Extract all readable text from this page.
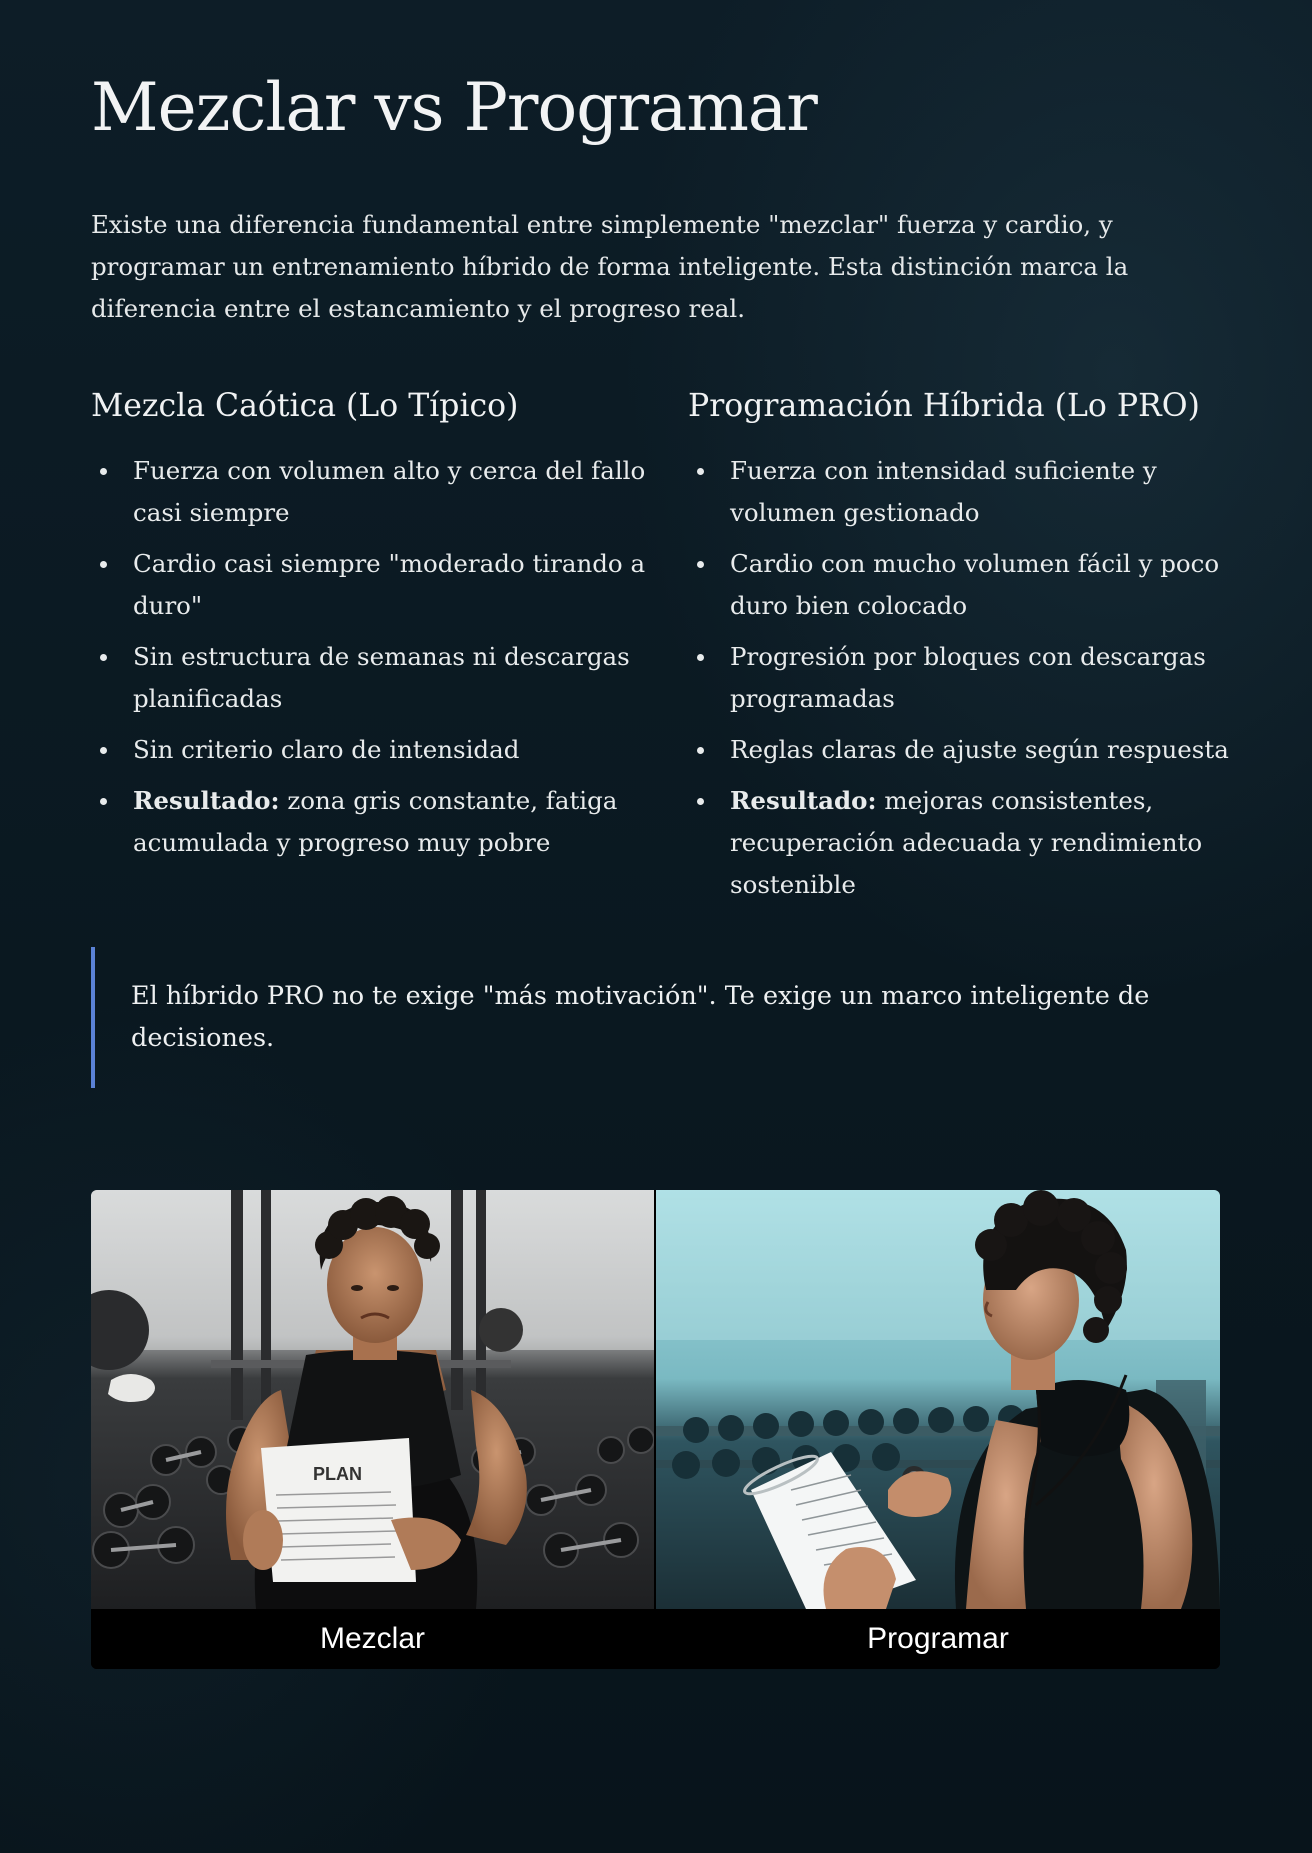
Mezclar vs Programar

Existe una diferencia fundamental entre simplemente "mezclar" fuerza y cardio, y programar un entrenamiento híbrido de forma inteligente. Esta distinción marca la diferencia entre el estancamiento y el progreso real.

Mezcla Caótica (Lo Típico)
Fuerza con volumen alto y cerca del fallo casi siempre
Cardio casi siempre "moderado tirando a duro"
Sin estructura de semanas ni descargas planificadas
Sin criterio claro de intensidad
Resultado: zona gris constante, fatiga acumulada y progreso muy pobre
Programación Híbrida (Lo PRO)
Fuerza con intensidad suficiente y volumen gestionado
Cardio con mucho volumen fácil y poco duro bien colocado
Progresión por bloques con descargas programadas
Reglas claras de ajuste según respuesta
Resultado: mejoras consistentes, recuperación adecuada y rendimiento sostenible

El híbrido PRO no te exige "más motivación". Te exige un marco inteligente de decisiones.

PLAN
Mezclar	Programar
